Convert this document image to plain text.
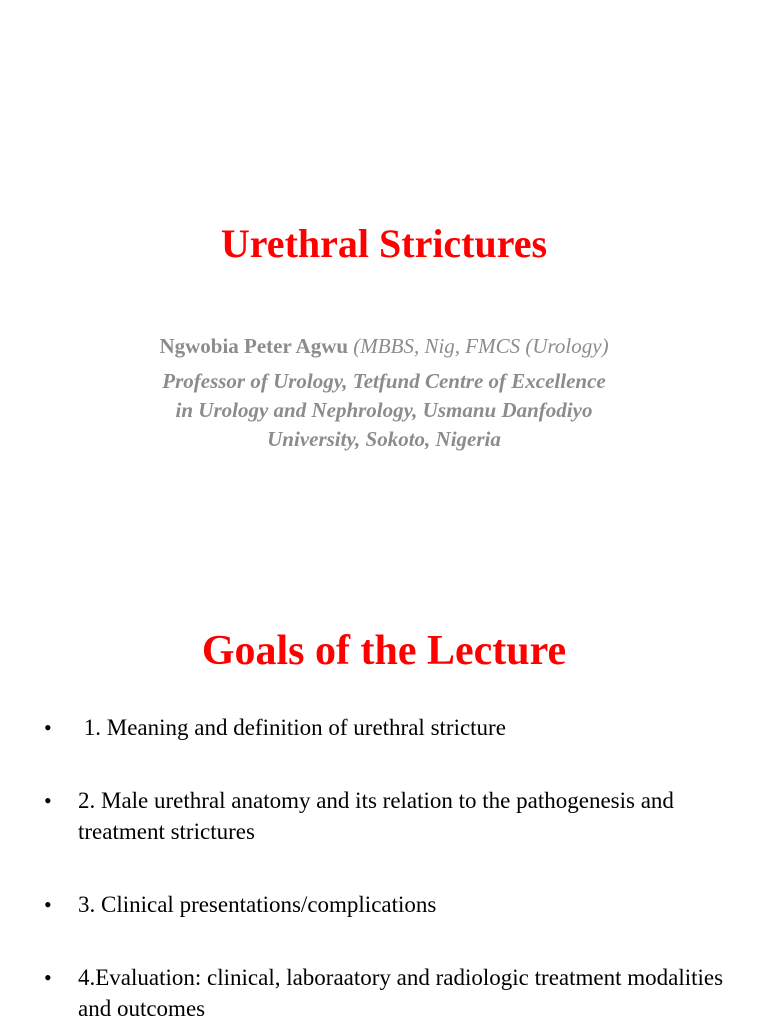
Urethral Strictures

Ngwobia Peter Agwu (MBBS, Nig, FMCS (Urology)

Professor of Urology, Tetfund Centre of Excellence

in Urology and Nephrology, Usmanu Danfodiyo

University, Sokoto, Nigeria

Goals of the Lecture
• 1. Meaning and definition of urethral stricture
• 2. Male urethral anatomy and its relation to the pathogenesis and treatment strictures
• 3. Clinical presentations/complications
• 4.Evaluation: clinical, laboraatory and radiologic treatment modalities and outcomes
